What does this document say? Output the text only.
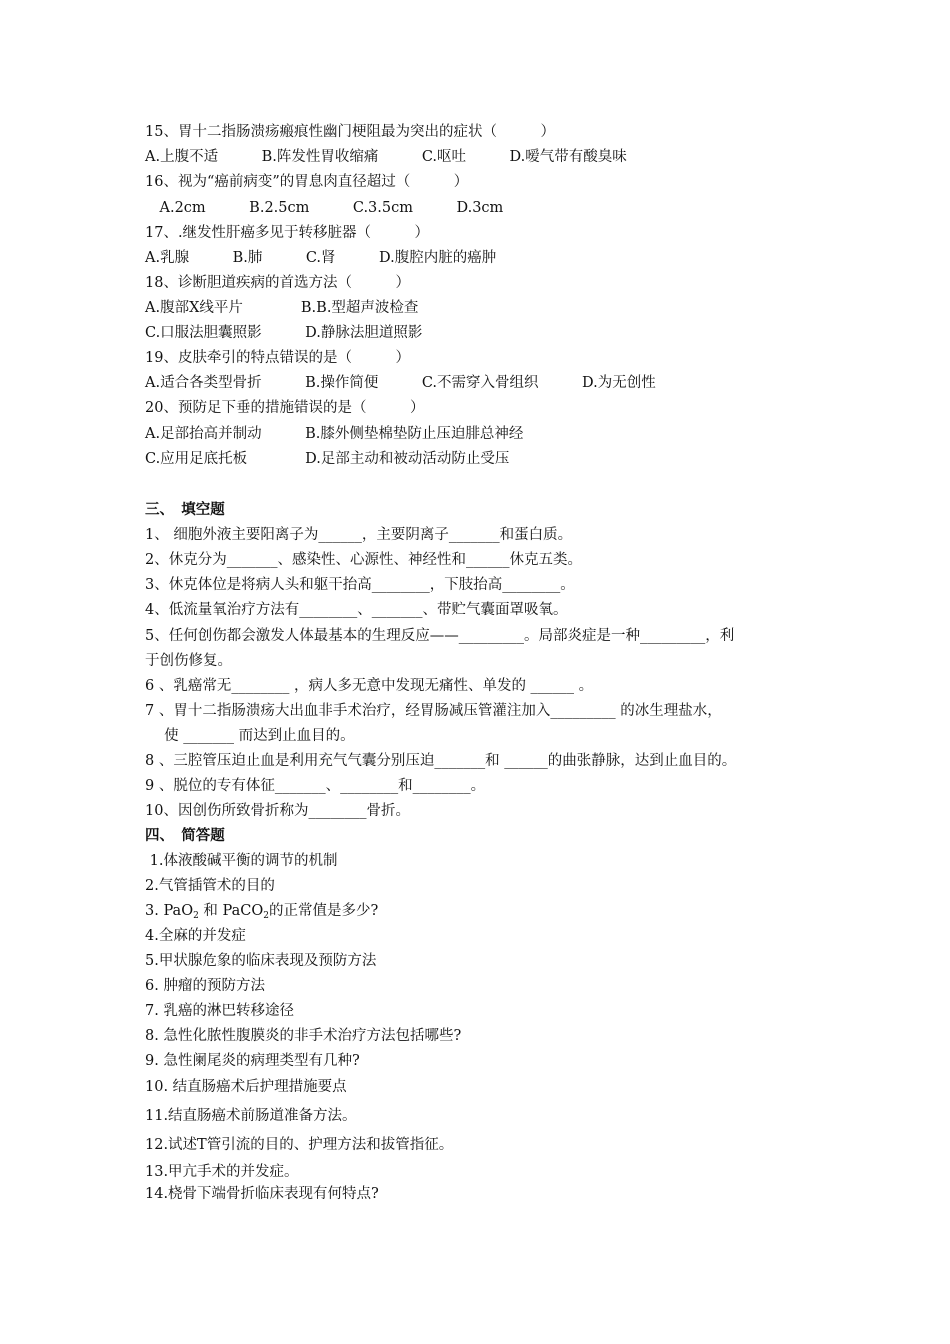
15、胃十二指肠溃疡瘢痕性幽门梗阻最为突出的症状（　　　）
A.上腹不适　　　B.阵发性胃收缩痛　　　C.呕吐　　　D.嗳气带有酸臭味
16、视为“癌前病变”的胃息肉直径超过（　　　）
　A.2cm　　　B.2.5cm　　　C.3.5cm　　　D.3cm
17、.继发性肝癌多见于转移脏器（　　　）
A.乳腺　　　B.肺　　　C.肾　　　D.腹腔内脏的癌肿
18、诊断胆道疾病的首选方法（　　　）
A.腹部X线平片　　　　B.B.型超声波检查
C.口服法胆囊照影　　　D.静脉法胆道照影
19、皮肤牵引的特点错误的是（　　　）
A.适合各类型骨折　　　B.操作简便　　　C.不需穿入骨组织　　　D.为无创性
20、预防足下垂的措施错误的是（　　　）
A.足部抬高并制动　　　B.膝外侧垫棉垫防止压迫腓总神经
C.应用足底托板　　　　D.足部主动和被动活动防止受压
三、　填空题
1、 细胞外液主要阳离子为______，主要阴离子_______和蛋白质。
2、休克分为_______、感染性、心源性、神经性和______休克五类。
3、休克体位是将病人头和躯干抬高________，下肢抬高________。
4、低流量氧治疗方法有________、_______、带贮气囊面罩吸氧。
5、任何创伤都会激发人体最基本的生理反应——_________。局部炎症是一种_________，利
于创伤修复。
6 、乳癌常无________ ，病人多无意中发现无痛性、单发的 ______ 。
7 、胃十二指肠溃疡大出血非手术治疗，经胃肠减压管灌注加入_________ 的冰生理盐水，
　 使 _______ 而达到止血目的。
8 、三腔管压迫止血是利用充气气囊分别压迫_______和 ______的曲张静脉，达到止血目的。
9 、脱位的专有体征_______、________和________。
10、因创伤所致骨折称为________骨折。
四、　简答题
1.体液酸碱平衡的调节的机制
2.气管插管术的目的
3. PaO$_2$ 和 PaCO$_2$的正常值是多少?
4.全麻的并发症
5.甲状腺危象的临床表现及预防方法
6. 肿瘤的预防方法
7. 乳癌的淋巴转移途径
8. 急性化脓性腹膜炎的非手术治疗方法包括哪些?
9. 急性阑尾炎的病理类型有几种?
10. 结直肠癌术后护理措施要点
11.结直肠癌术前肠道准备方法。
12.试述T管引流的目的、护理方法和拔管指征。
13.甲亢手术的并发症。
14.桡骨下端骨折临床表现有何特点?
